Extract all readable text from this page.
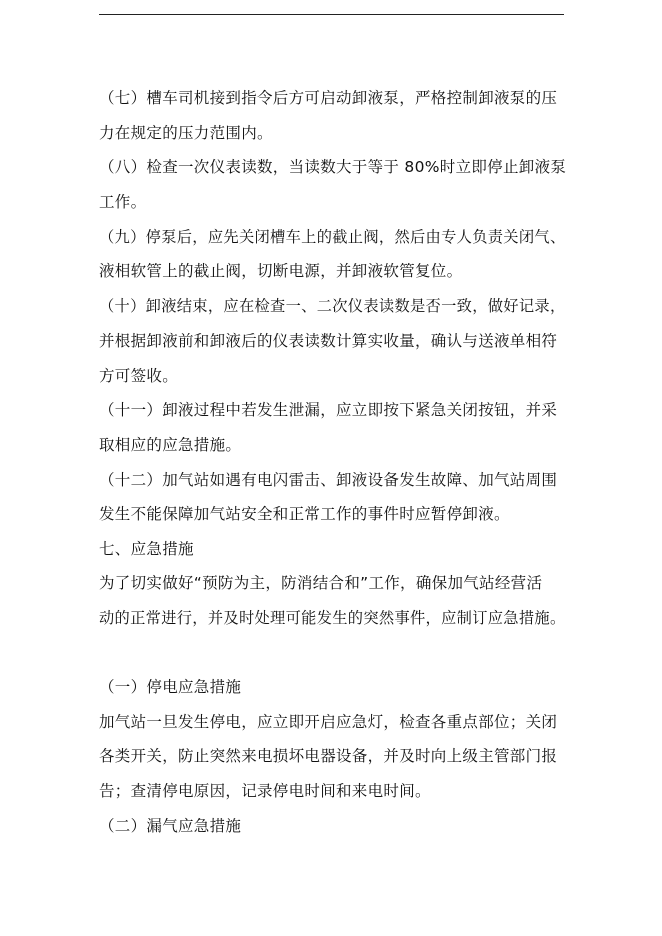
（七）槽车司机接到指令后方可启动卸液泵，严格控制卸液泵的压
力在规定的压力范围内。
（八）检查一次仪表读数，当读数大于等于 80%时立即停止卸液泵
工作。
（九）停泵后，应先关闭槽车上的截止阀，然后由专人负责关闭气、
液相软管上的截止阀，切断电源，并卸液软管复位。
（十）卸液结束，应在检查一、二次仪表读数是否一致，做好记录，
并根据卸液前和卸液后的仪表读数计算实收量，确认与送液单相符
方可签收。
（十一）卸液过程中若发生泄漏，应立即按下紧急关闭按钮，并采
取相应的应急措施。
（十二）加气站如遇有电闪雷击、卸液设备发生故障、加气站周围
发生不能保障加气站安全和正常工作的事件时应暂停卸液。
七、应急措施
为了切实做好“预防为主，防消结合和”工作，确保加气站经营活
动的正常进行，并及时处理可能发生的突然事件，应制订应急措施。
（一）停电应急措施
加气站一旦发生停电，应立即开启应急灯，检查各重点部位；关闭
各类开关，防止突然来电损坏电器设备，并及时向上级主管部门报
告；查清停电原因，记录停电时间和来电时间。
（二）漏气应急措施
